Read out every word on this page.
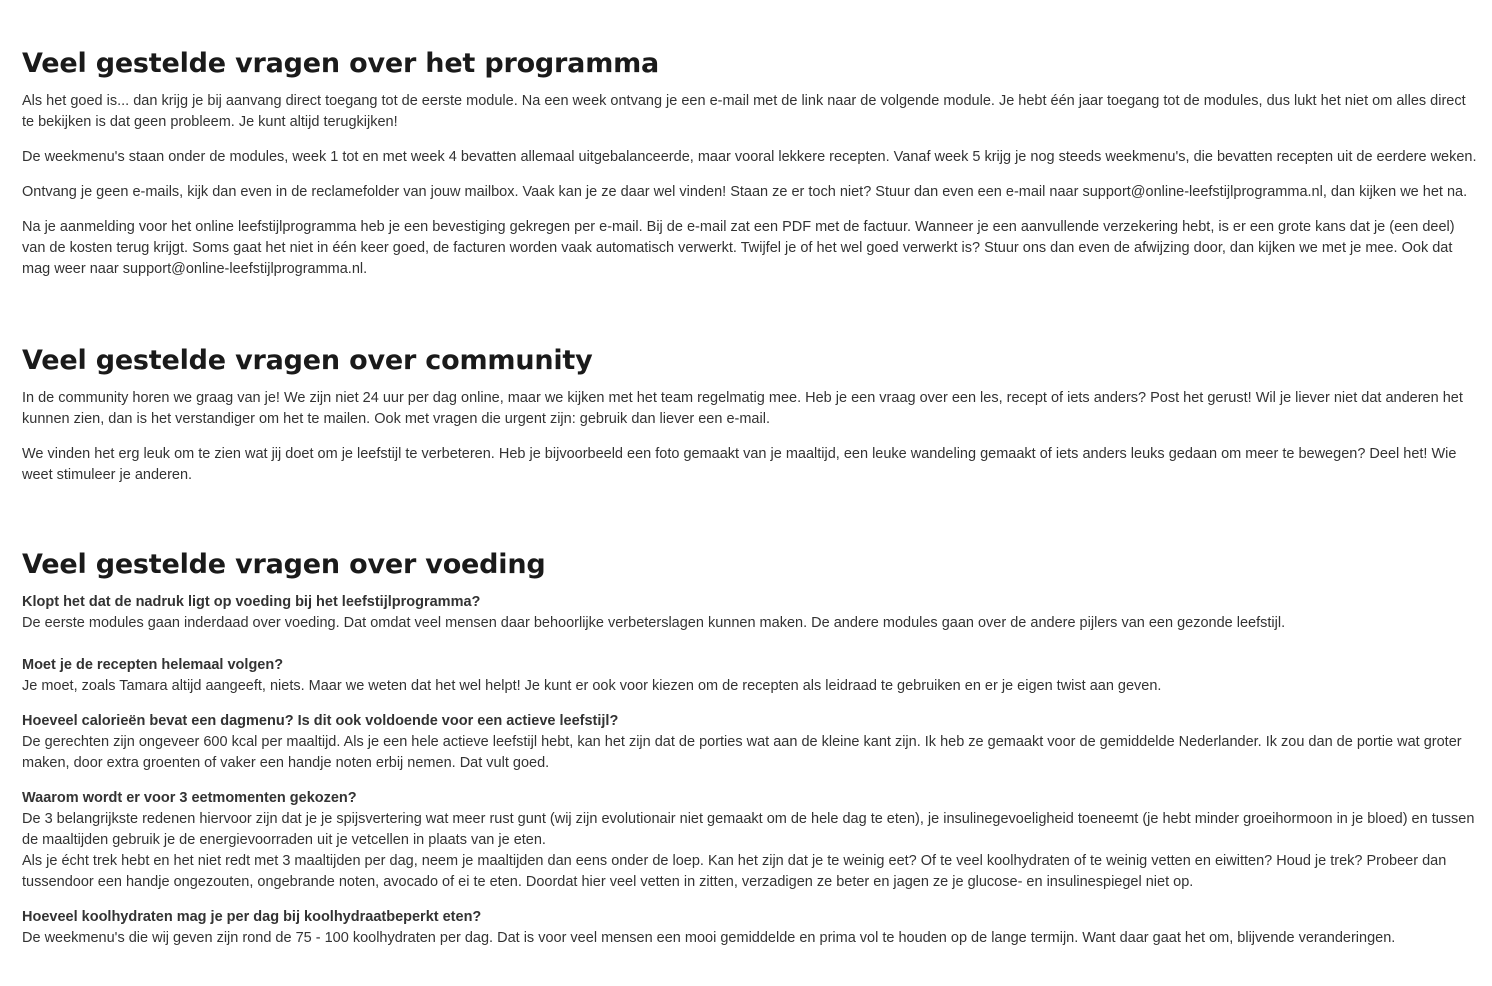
Veel gestelde vragen over het programma

Als het goed is... dan krijg je bij aanvang direct toegang tot de eerste module. Na een week ontvang je een e-mail met de link naar de volgende module. Je hebt één jaar toegang tot de modules, dus lukt het niet om alles direct te bekijken is dat geen probleem. Je kunt altijd terugkijken!

De weekmenu's staan onder de modules, week 1 tot en met week 4 bevatten allemaal uitgebalanceerde, maar vooral lekkere recepten. Vanaf week 5 krijg je nog steeds weekmenu's, die bevatten recepten uit de eerdere weken.

Ontvang je geen e-mails, kijk dan even in de reclamefolder van jouw mailbox. Vaak kan je ze daar wel vinden! Staan ze er toch niet? Stuur dan even een e-mail naar support@online-leefstijlprogramma.nl, dan kijken we het na.

Na je aanmelding voor het online leefstijlprogramma heb je een bevestiging gekregen per e-mail. Bij de e-mail zat een PDF met de factuur. Wanneer je een aanvullende verzekering hebt, is er een grote kans dat je (een deel) van de kosten terug krijgt. Soms gaat het niet in één keer goed, de facturen worden vaak automatisch verwerkt. Twijfel je of het wel goed verwerkt is? Stuur ons dan even de afwijzing door, dan kijken we met je mee. Ook dat mag weer naar support@online-leefstijlprogramma.nl.

Veel gestelde vragen over community

In de community horen we graag van je! We zijn niet 24 uur per dag online, maar we kijken met het team regelmatig mee. Heb je een vraag over een les, recept of iets anders? Post het gerust! Wil je liever niet dat anderen het kunnen zien, dan is het verstandiger om het te mailen. Ook met vragen die urgent zijn: gebruik dan liever een e-mail.

We vinden het erg leuk om te zien wat jij doet om je leefstijl te verbeteren. Heb je bijvoorbeeld een foto gemaakt van je maaltijd, een leuke wandeling gemaakt of iets anders leuks gedaan om meer te bewegen? Deel het! Wie weet stimuleer je anderen.

Veel gestelde vragen over voeding
Klopt het dat de nadruk ligt op voeding bij het leefstijlprogramma?
De eerste modules gaan inderdaad over voeding. Dat omdat veel mensen daar behoorlijke verbeterslagen kunnen maken. De andere modules gaan over de andere pijlers van een gezonde leefstijl.
Moet je de recepten helemaal volgen?
Je moet, zoals Tamara altijd aangeeft, niets. Maar we weten dat het wel helpt! Je kunt er ook voor kiezen om de recepten als leidraad te gebruiken en er je eigen twist aan geven.
Hoeveel calorieën bevat een dagmenu? Is dit ook voldoende voor een actieve leefstijl?
De gerechten zijn ongeveer 600 kcal per maaltijd. Als je een hele actieve leefstijl hebt, kan het zijn dat de porties wat aan de kleine kant zijn. Ik heb ze gemaakt voor de gemiddelde Nederlander. Ik zou dan de portie wat groter maken, door extra groenten of vaker een handje noten erbij nemen. Dat vult goed.
Waarom wordt er voor 3 eetmomenten gekozen?
De 3 belangrijkste redenen hiervoor zijn dat je je spijsvertering wat meer rust gunt (wij zijn evolutionair niet gemaakt om de hele dag te eten), je insulinegevoeligheid toeneemt (je hebt minder groeihormoon in je bloed) en tussen de maaltijden gebruik je de energievoorraden uit je vetcellen in plaats van je eten.
Als je écht trek hebt en het niet redt met 3 maaltijden per dag, neem je maaltijden dan eens onder de loep. Kan het zijn dat je te weinig eet? Of te veel koolhydraten of te weinig vetten en eiwitten? Houd je trek? Probeer dan tussendoor een handje ongezouten, ongebrande noten, avocado of ei te eten. Doordat hier veel vetten in zitten, verzadigen ze beter en jagen ze je glucose- en insulinespiegel niet op.
Hoeveel koolhydraten mag je per dag bij koolhydraatbeperkt eten?
De weekmenu's die wij geven zijn rond de 75 - 100 koolhydraten per dag. Dat is voor veel mensen een mooi gemiddelde en prima vol te houden op de lange termijn. Want daar gaat het om, blijvende veranderingen.
